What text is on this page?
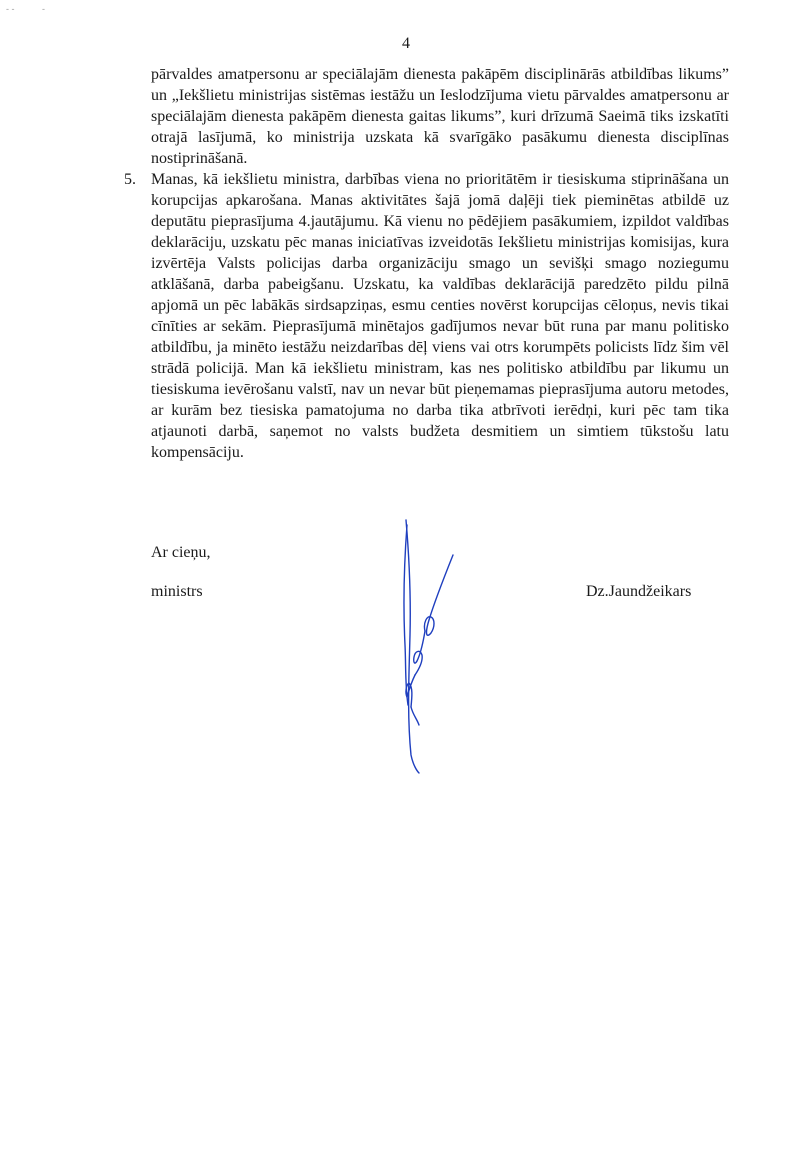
- -	-
4

pārvaldes amatpersonu ar speciālajām dienesta pakāpēm disciplinārās atbildības likums” un „Iekšlietu ministrijas sistēmas iestāžu un Ieslodzījuma vietu pārvaldes amatpersonu ar speciālajām dienesta pakāpēm dienesta gaitas likums”, kuri drīzumā Saeimā tiks izskatīti otrajā lasījumā, ko ministrija uzskata kā svarīgāko pasākumu dienesta disciplīnas nostiprināšanā.

5. Manas, kā iekšlietu ministra, darbības viena no prioritātēm ir tiesiskuma stiprināšana un korupcijas apkarošana. Manas aktivitātes šajā jomā daļēji tiek pieminētas atbildē uz deputātu pieprasījuma 4.jautājumu. Kā vienu no pēdējiem pasākumiem, izpildot valdības deklarāciju, uzskatu pēc manas iniciatīvas izveidotās Iekšlietu ministrijas komisijas, kura izvērtēja Valsts policijas darba organizāciju smago un sevišķi smago noziegumu atklāšanā, darba pabeigšanu. Uzskatu, ka valdības deklarācijā paredzēto pildu pilnā apjomā un pēc labākās sirdsapziņas, esmu centies novērst korupcijas cēloņus, nevis tikai cīnīties ar sekām. Pieprasījumā minētajos gadījumos nevar būt runa par manu politisko atbildību, ja minēto iestāžu neizdarības dēļ viens vai otrs korumpēts policists līdz šim vēl strādā policijā. Man kā iekšlietu ministram, kas nes politisko atbildību par likumu un tiesiskuma ievērošanu valstī, nav un nevar būt pieņemamas pieprasījuma autoru metodes, ar kurām bez tiesiska pamatojuma no darba tika atbrīvoti ierēdņi, kuri pēc tam tika atjaunoti darbā, saņemot no valsts budžeta desmitiem un simtiem tūkstošu latu kompensāciju.

Ar cieņu,
ministrs	Dz.Jaundžeikars
